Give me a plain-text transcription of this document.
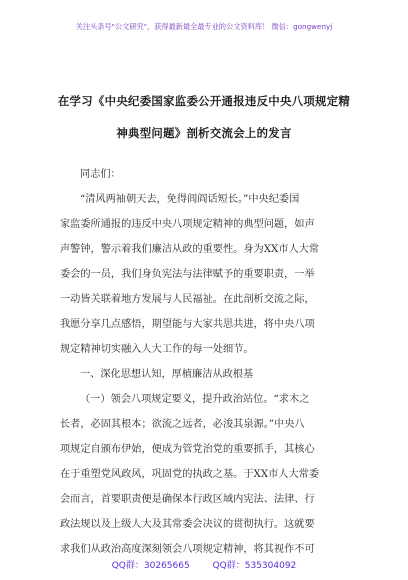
关注头条号"公文研究"，获得最新最全最专业的公文资料库！ 微信：gongwenyj
在学习《中央纪委国家监委公开通报违反中央八项规定精
神典型问题》剖析交流会上的发言
同志们：
“清风两袖朝天去，免得闾阎话短长。”中央纪委国
家监委所通报的违反中央八项规定精神的典型问题，如声
声警钟，警示着我们廉洁从政的重要性。身为XX市人大常
委会的一员，我们身负宪法与法律赋予的重要职责，一举
一动皆关联着地方发展与人民福祉。在此剖析交流之际，
我愿分享几点感悟，期望能与大家共思共进，将中央八项
规定精神切实融入人大工作的每一处细节。
一、深化思想认知，厚植廉洁从政根基
（一）领会八项规定要义，提升政治站位。“求木之
长者，必固其根本；欲流之远者，必浚其泉源。”中央八
项规定自颁布伊始，便成为管党治党的重要抓手，其核心
在于重塑党风政风，巩固党的执政之基。于XX市人大常委
会而言，首要职责便是确保本行政区域内宪法、法律、行
政法规以及上级人大及其常委会决议的贯彻执行。这就要
求我们从政治高度深刻领会八项规定精神，将其视作不可
QQ群：30265665	QQ群：535304092
